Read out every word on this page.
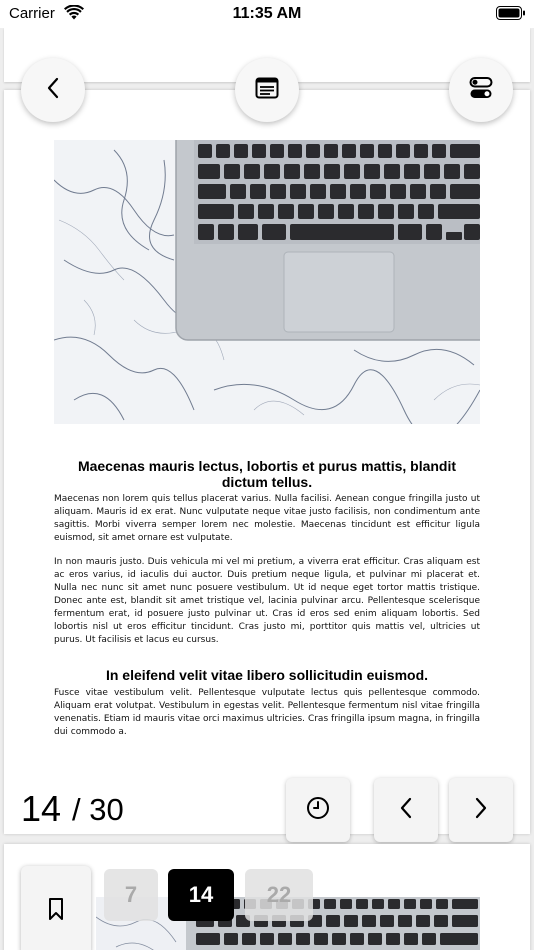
Carrier	11:35 AM
Maecenas mauris lectus, lobortis et purus mattis, blandit dictum tellus.

Maecenas non lorem quis tellus placerat varius. Nulla facilisi. Aenean congue fringilla justo ut aliquam. Mauris id ex erat. Nunc vulputate neque vitae justo facilisis, non condimentum ante sagittis. Morbi viverra semper lorem nec molestie. Maecenas tincidunt est efficitur ligula euismod, sit amet ornare est vulputate.

In non mauris justo. Duis vehicula mi vel mi pretium, a viverra erat efficitur. Cras aliquam est ac eros varius, id iaculis dui auctor. Duis pretium neque ligula, et pulvinar mi placerat et. Nulla nec nunc sit amet nunc posuere vestibulum. Ut id neque eget tortor mattis tristique. Donec ante est, blandit sit amet tristique vel, lacinia pulvinar arcu. Pellentesque scelerisque fermentum erat, id posuere justo pulvinar ut. Cras id eros sed enim aliquam lobortis. Sed lobortis nisl ut eros efficitur tincidunt. Cras justo mi, porttitor quis mattis vel, ultricies ut purus. Ut facilisis et lacus eu cursus.

In eleifend velit vitae libero sollicitudin euismod.

Fusce vitae vestibulum velit. Pellentesque vulputate lectus quis pellentesque commodo. Aliquam erat volutpat. Vestibulum in egestas velit. Pellentesque fermentum nisl vitae fringilla venenatis. Etiam id mauris vitae orci maximus ultricies. Cras fringilla ipsum magna, in fringilla dui commodo a.

14 / 30
7	14	22
